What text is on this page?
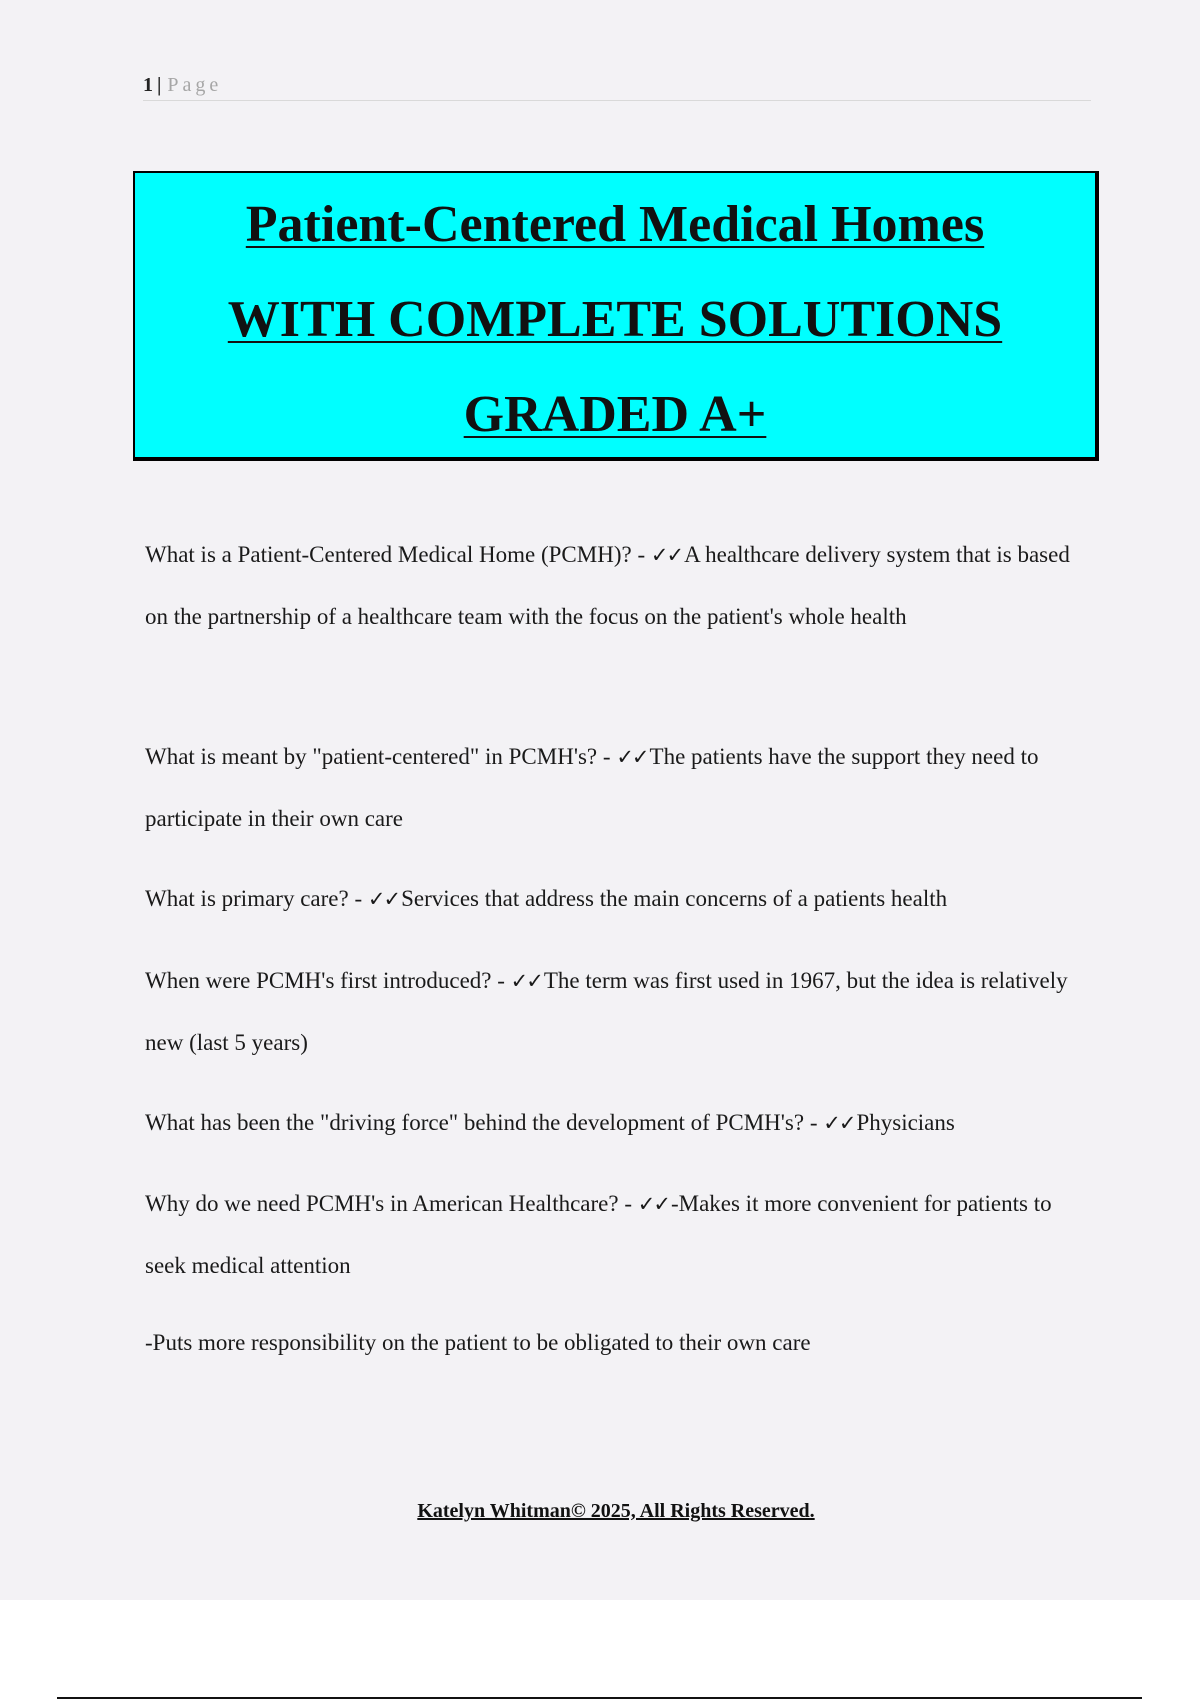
1 | Page
Patient-Centered Medical Homes
WITH COMPLETE SOLUTIONS
GRADED A+

What is a Patient-Centered Medical Home (PCMH)? - ✓✓A healthcare delivery system that is based on the partnership of a healthcare team with the focus on the patient's whole health

What is meant by "patient-centered" in PCMH's? - ✓✓The patients have the support they need to participate in their own care

What is primary care? - ✓✓Services that address the main concerns of a patients health

When were PCMH's first introduced? - ✓✓The term was first used in 1967, but the idea is relatively new (last 5 years)

What has been the "driving force" behind the development of PCMH's? - ✓✓Physicians

Why do we need PCMH's in American Healthcare? - ✓✓-Makes it more convenient for patients to seek medical attention

-Puts more responsibility on the patient to be obligated to their own care

Katelyn Whitman© 2025, All Rights Reserved.
